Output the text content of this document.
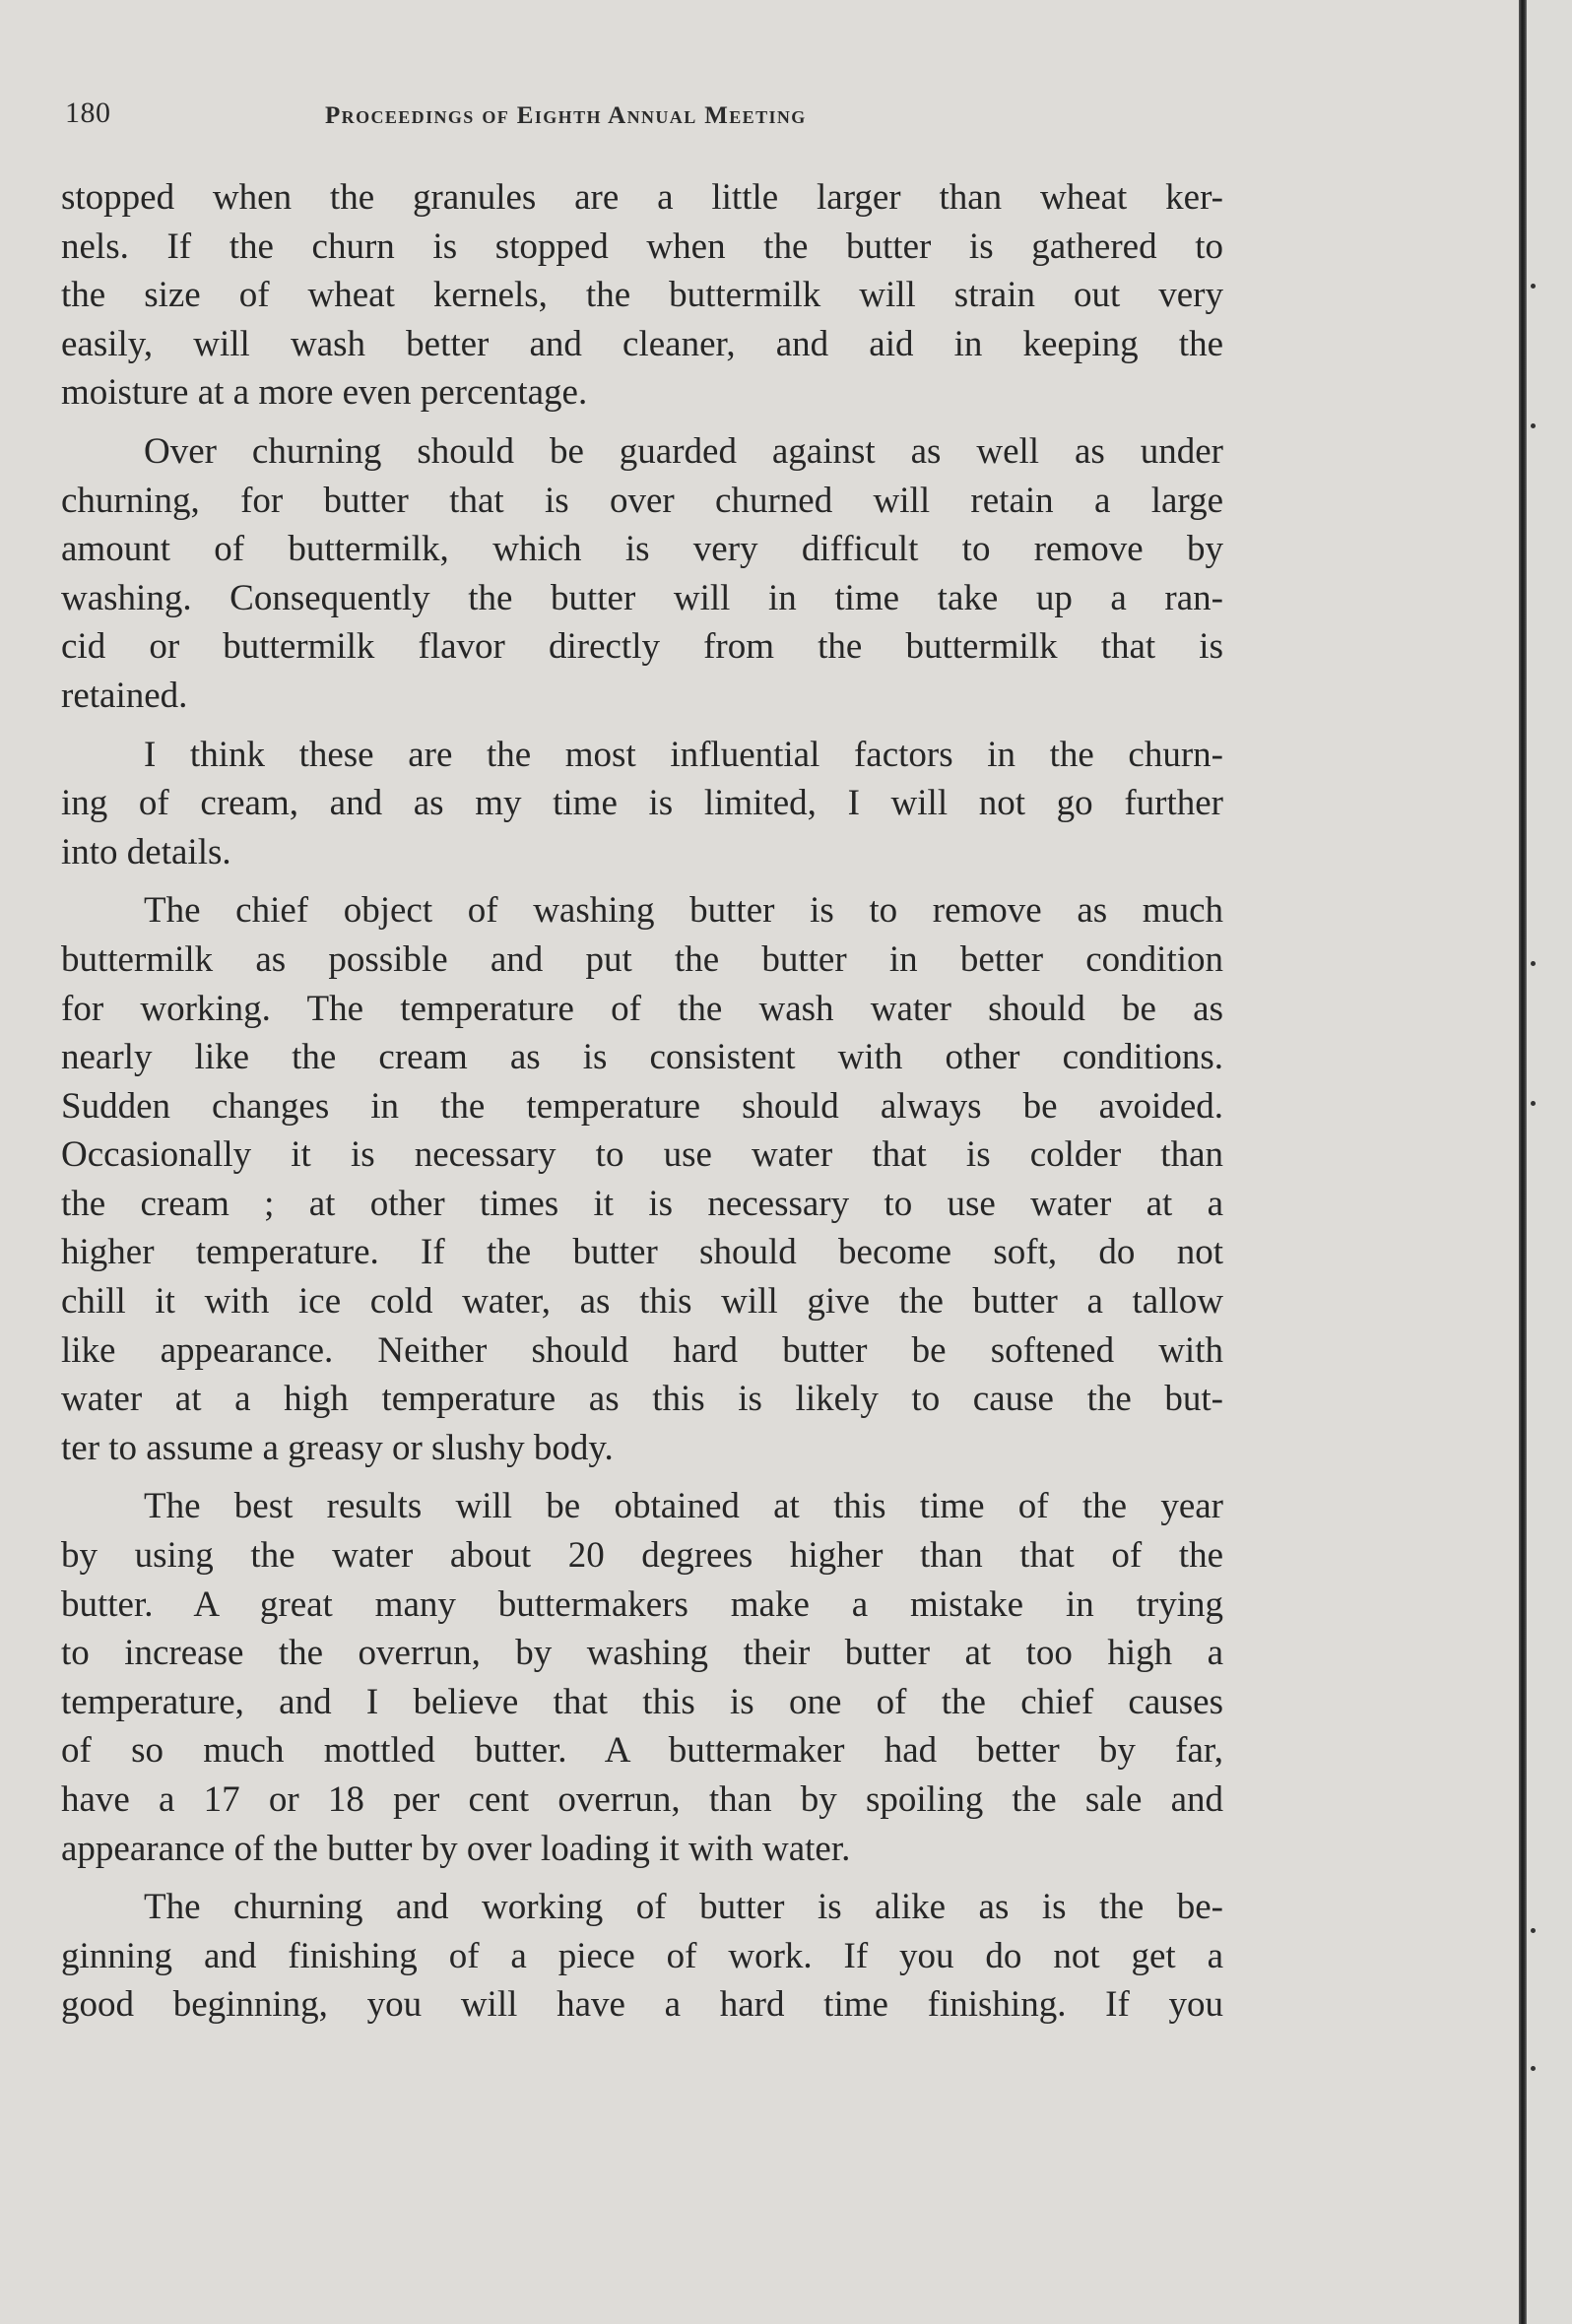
180	Proceedings of Eighth Annual Meeting
stopped when the granules are a little larger than wheat ker-
nels. If the churn is stopped when the butter is gathered to
the size of wheat kernels, the buttermilk will strain out very
easily, will wash better and cleaner, and aid in keeping the
moisture at a more even percentage.
Over churning should be guarded against as well as under
churning, for butter that is over churned will retain a large
amount of buttermilk, which is very difficult to remove by
washing. Consequently the butter will in time take up a ran-
cid or buttermilk flavor directly from the buttermilk that is
retained.
I think these are the most influential factors in the churn-
ing of cream, and as my time is limited, I will not go further
into details.
The chief object of washing butter is to remove as much
buttermilk as possible and put the butter in better condition
for working. The temperature of the wash water should be as
nearly like the cream as is consistent with other conditions.
Sudden changes in the temperature should always be avoided.
Occasionally it is necessary to use water that is colder than
the cream ; at other times it is necessary to use water at a
higher temperature. If the butter should become soft, do not
chill it with ice cold water, as this will give the butter a tallow
like appearance. Neither should hard butter be softened with
water at a high temperature as this is likely to cause the but-
ter to assume a greasy or slushy body.
The best results will be obtained at this time of the year
by using the water about 20 degrees higher than that of the
butter. A great many buttermakers make a mistake in trying
to increase the overrun, by washing their butter at too high a
temperature, and I believe that this is one of the chief causes
of so much mottled butter. A buttermaker had better by far,
have a 17 or 18 per cent overrun, than by spoiling the sale and
appearance of the butter by over loading it with water.
The churning and working of butter is alike as is the be-
ginning and finishing of a piece of work. If you do not get a
good beginning, you will have a hard time finishing. If you
